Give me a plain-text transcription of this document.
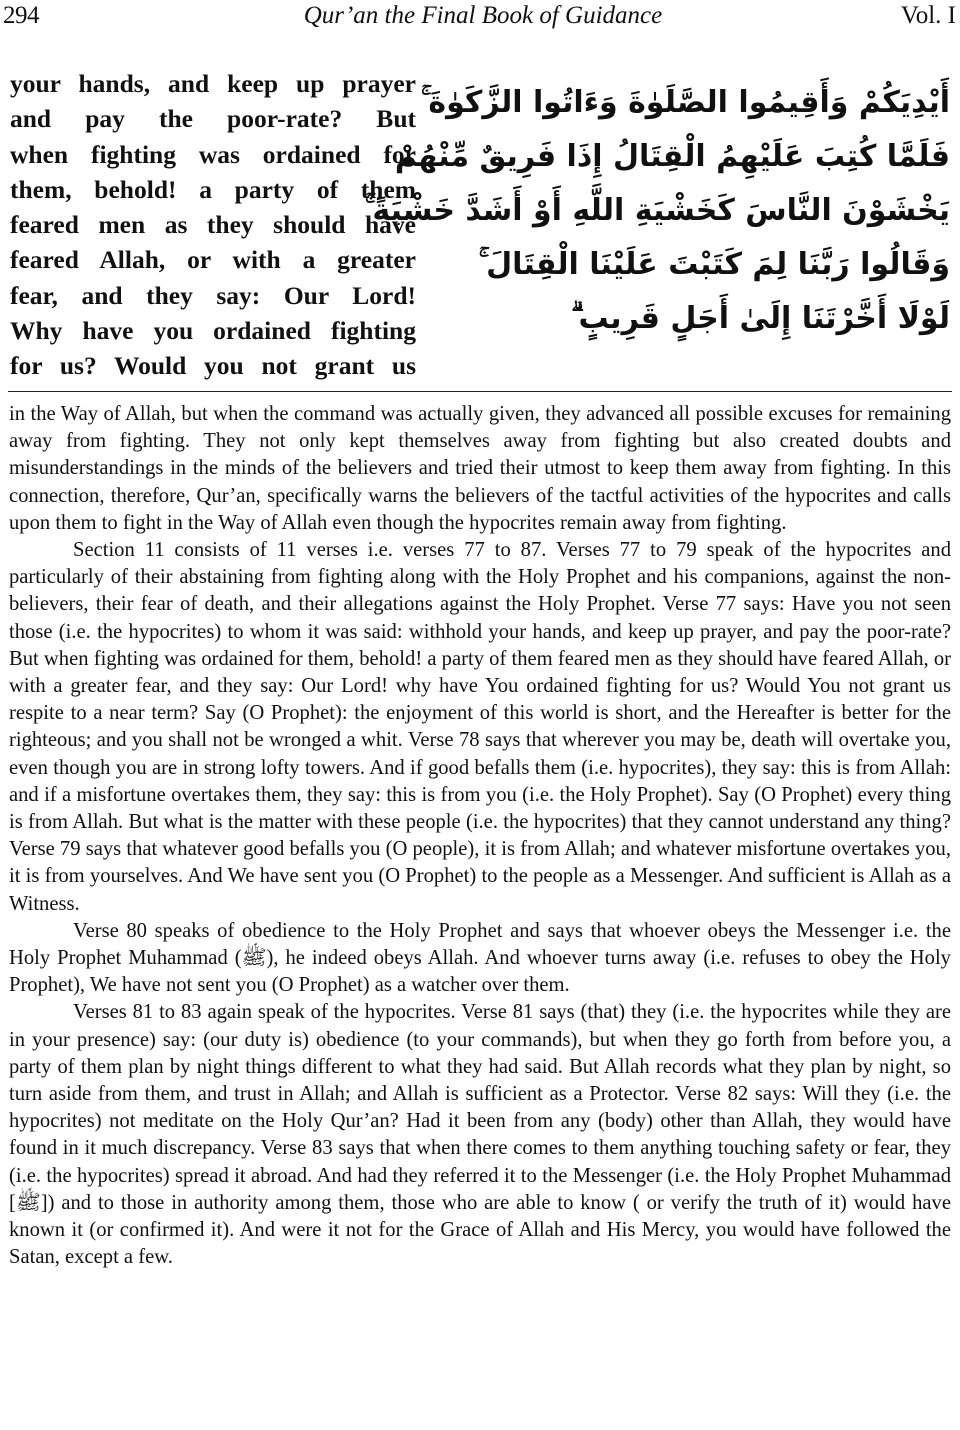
294	Qur’an the Final Book of Guidance	Vol. I
your hands, and keep up prayer
and pay the poor-rate? But
when fighting was ordained for
them, behold! a party of them
feared men as they should have
feared Allah, or with a greater
fear, and they say: Our Lord!
Why have you ordained fighting
for us? Would you not grant us
أَيْدِيَكُمْ وَأَقِيمُوا الصَّلَوٰةَ وَءَاتُوا الزَّكَوٰةَ ۚ
فَلَمَّا كُتِبَ عَلَيْهِمُ الْقِتَالُ إِذَا فَرِيقٌ مِّنْهُمْ
يَخْشَوْنَ النَّاسَ كَخَشْيَةِ اللَّهِ أَوْ أَشَدَّ خَشْيَةً ۚ
وَقَالُوا رَبَّنَا لِمَ كَتَبْتَ عَلَيْنَا الْقِتَالَ ۚ
لَوْلَا أَخَّرْتَنَا إِلَىٰ أَجَلٍ قَرِيبٍ ۗ

in the Way of Allah, but when the command was actually given, they advanced all possible excuses for remaining away from fighting. They not only kept themselves away from fighting but also created doubts and misunderstandings in the minds of the believers and tried their utmost to keep them away from fighting. In this connection, therefore, Qur’an, specifically warns the believers of the tactful activities of the hypocrites and calls upon them to fight in the Way of Allah even though the hypocrites remain away from fighting.

Section 11 consists of 11 verses i.e. verses 77 to 87. Verses 77 to 79 speak of the hypocrites and particularly of their abstaining from fighting along with the Holy Prophet and his companions, against the non-believers, their fear of death, and their allegations against the Holy Prophet. Verse 77 says: Have you not seen those (i.e. the hypocrites) to whom it was said: withhold your hands, and keep up prayer, and pay the poor-rate? But when fighting was ordained for them, behold! a party of them feared men as they should have feared Allah, or with a greater fear, and they say: Our Lord! why have You ordained fighting for us? Would You not grant us respite to a near term? Say (O Prophet): the enjoyment of this world is short, and the Hereafter is better for the righteous; and you shall not be wronged a whit. Verse 78 says that wherever you may be, death will overtake you, even though you are in strong lofty towers. And if good befalls them (i.e. hypocrites), they say: this is from Allah: and if a misfortune overtakes them, they say: this is from you (i.e. the Holy Prophet). Say (O Prophet) every thing is from Allah. But what is the matter with these people (i.e. the hypocrites) that they cannot understand any thing? Verse 79 says that whatever good befalls you (O people), it is from Allah; and whatever misfortune overtakes you, it is from yourselves. And We have sent you (O Prophet) to the people as a Messenger. And sufficient is Allah as a Witness.

Verse 80 speaks of obedience to the Holy Prophet and says that whoever obeys the Messenger i.e. the Holy Prophet Muhammad (ﷺ), he indeed obeys Allah. And whoever turns away (i.e. refuses to obey the Holy Prophet), We have not sent you (O Prophet) as a watcher over them.

Verses 81 to 83 again speak of the hypocrites. Verse 81 says (that) they (i.e. the hypocrites while they are in your presence) say: (our duty is) obedience (to your commands), but when they go forth from before you, a party of them plan by night things different to what they had said. But Allah records what they plan by night, so turn aside from them, and trust in Allah; and Allah is sufficient as a Protector. Verse 82 says: Will they (i.e. the hypocrites) not meditate on the Holy Qur’an? Had it been from any (body) other than Allah, they would have found in it much discrepancy. Verse 83 says that when there comes to them anything touching safety or fear, they (i.e. the hypocrites) spread it abroad. And had they referred it to the Messenger (i.e. the Holy Prophet Muhammad [ﷺ]) and to those in authority among them, those who are able to know ( or verify the truth of it) would have known it (or confirmed it). And were it not for the Grace of Allah and His Mercy, you would have followed the Satan, except a few.
